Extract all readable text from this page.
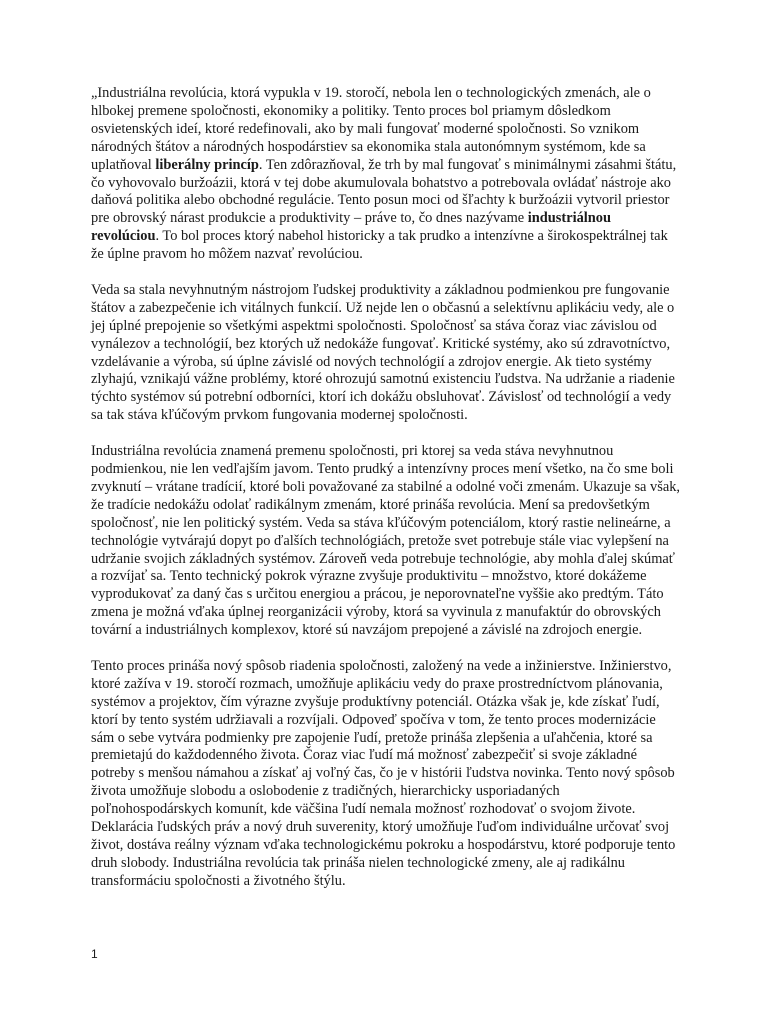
„Industriálna revolúcia, ktorá vypukla v 19. storočí, nebola len o technologických zmenách, ale o hlbokej premene spoločnosti, ekonomiky a politiky. Tento proces bol priamym dôsledkom osvietenských ideí, ktoré redefinovali, ako by mali fungovať moderné spoločnosti. So vznikom národných štátov a národných hospodárstiev sa ekonomika stala autonómnym systémom, kde sa uplatňoval liberálny princíp. Ten zdôrazňoval, že trh by mal fungovať s minimálnymi zásahmi štátu, čo vyhovovalo buržoázii, ktorá v tej dobe akumulovala bohatstvo a potrebovala ovládať nástroje ako daňová politika alebo obchodné regulácie. Tento posun moci od šľachty k buržoázii vytvoril priestor pre obrovský nárast produkcie a produktivity – práve to, čo dnes nazývame industriálnou revolúciou. To bol proces ktorý nabehol historicky a tak prudko a intenzívne a širokospektrálnej tak že úplne pravom ho môžem nazvať revolúciou.

Veda sa stala nevyhnutným nástrojom ľudskej produktivity a základnou podmienkou pre fungovanie štátov a zabezpečenie ich vitálnych funkcií. Už nejde len o občasnú a selektívnu aplikáciu vedy, ale o jej úplné prepojenie so všetkými aspektmi spoločnosti. Spoločnosť sa stáva čoraz viac závislou od vynálezov a technológií, bez ktorých už nedokáže fungovať. Kritické systémy, ako sú zdravotníctvo, vzdelávanie a výroba, sú úplne závislé od nových technológií a zdrojov energie. Ak tieto systémy zlyhajú, vznikajú vážne problémy, ktoré ohrozujú samotnú existenciu ľudstva. Na udržanie a riadenie týchto systémov sú potrební odborníci, ktorí ich dokážu obsluhovať. Závislosť od technológií a vedy sa tak stáva kľúčovým prvkom fungovania modernej spoločnosti.

Industriálna revolúcia znamená premenu spoločnosti, pri ktorej sa veda stáva nevyhnutnou podmienkou, nie len vedľajším javom. Tento prudký a intenzívny proces mení všetko, na čo sme boli zvyknutí – vrátane tradícií, ktoré boli považované za stabilné a odolné voči zmenám. Ukazuje sa však, že tradície nedokážu odolať radikálnym zmenám, ktoré prináša revolúcia. Mení sa predovšetkým spoločnosť, nie len politický systém. Veda sa stáva kľúčovým potenciálom, ktorý rastie nelineárne, a technológie vytvárajú dopyt po ďalších technológiách, pretože svet potrebuje stále viac vylepšení na udržanie svojich základných systémov. Zároveň veda potrebuje technológie, aby mohla ďalej skúmať a rozvíjať sa. Tento technický pokrok výrazne zvyšuje produktivitu – množstvo, ktoré dokážeme vyprodukovať za daný čas s určitou energiou a prácou, je neporovnateľne vyššie ako predtým. Táto zmena je možná vďaka úplnej reorganizácii výroby, ktorá sa vyvinula z manufaktúr do obrovských tovární a industriálnych komplexov, ktoré sú navzájom prepojené a závislé na zdrojoch energie.

Tento proces prináša nový spôsob riadenia spoločnosti, založený na vede a inžinierstve. Inžinierstvo, ktoré zažíva v 19. storočí rozmach, umožňuje aplikáciu vedy do praxe prostredníctvom plánovania, systémov a projektov, čím výrazne zvyšuje produktívny potenciál. Otázka však je, kde získať ľudí, ktorí by tento systém udržiavali a rozvíjali. Odpoveď spočíva v tom, že tento proces modernizácie sám o sebe vytvára podmienky pre zapojenie ľudí, pretože prináša zlepšenia a uľahčenia, ktoré sa premietajú do každodenného života. Čoraz viac ľudí má možnosť zabezpečiť si svoje základné potreby s menšou námahou a získať aj voľný čas, čo je v histórii ľudstva novinka. Tento nový spôsob života umožňuje slobodu a oslobodenie z tradičných, hierarchicky usporiadaných poľnohospodárskych komunít, kde väčšina ľudí nemala možnosť rozhodovať o svojom živote. Deklarácia ľudských práv a nový druh suverenity, ktorý umožňuje ľuďom individuálne určovať svoj život, dostáva reálny význam vďaka technologickému pokroku a hospodárstvu, ktoré podporuje tento druh slobody. Industriálna revolúcia tak prináša nielen technologické zmeny, ale aj radikálnu transformáciu spoločnosti a životného štýlu.

1
